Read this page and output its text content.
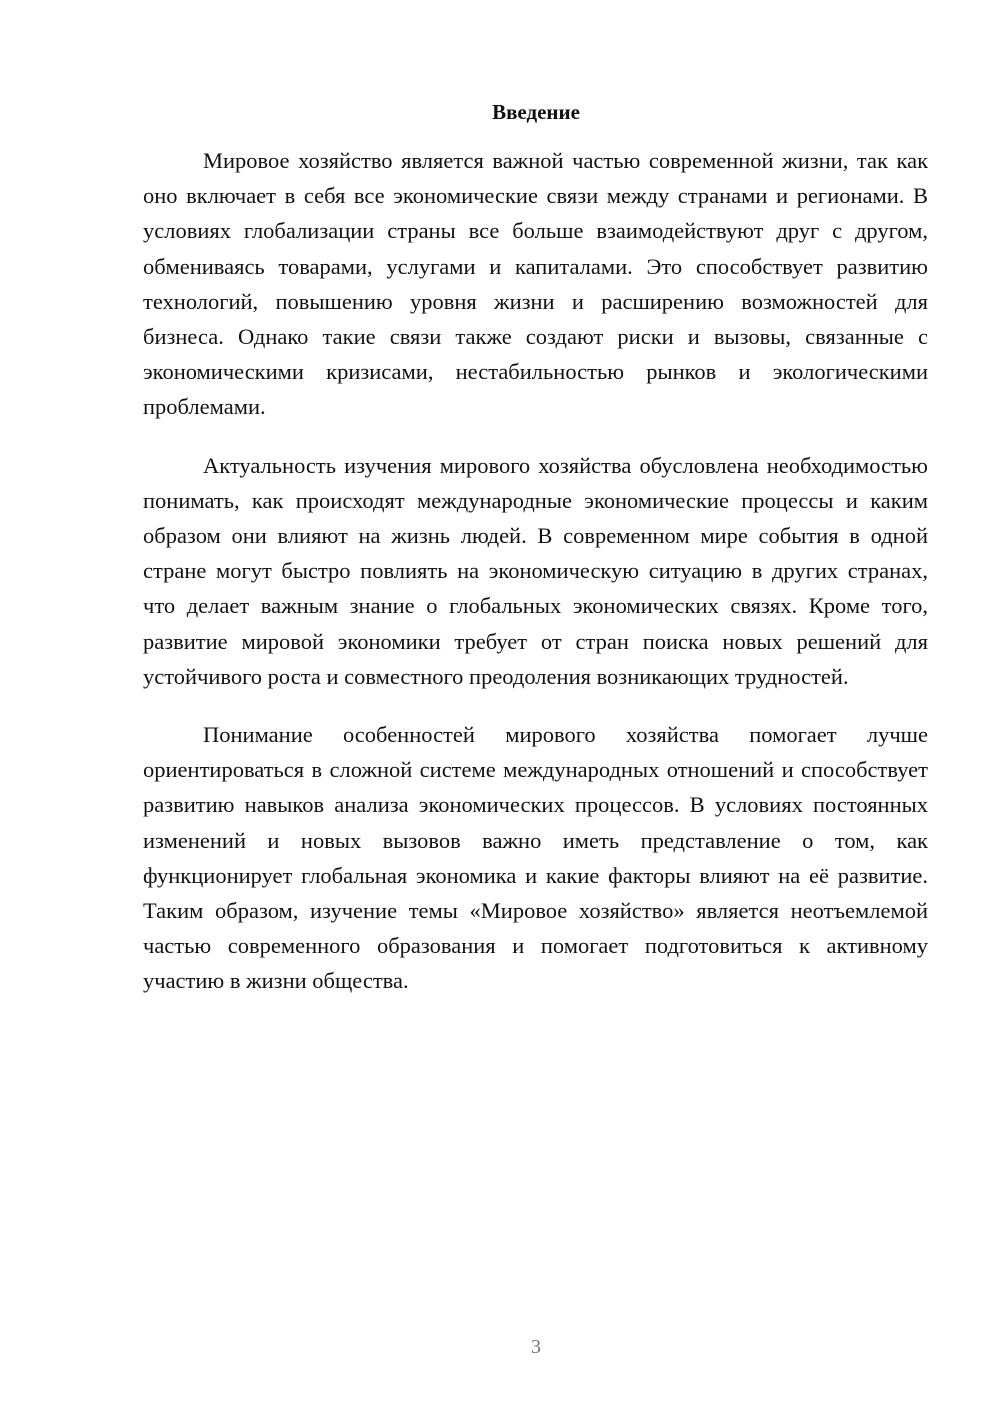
Введение

Мировое хозяйство является важной частью современной жизни, так как оно включает в себя все экономические связи между странами и регионами. В условиях глобализации страны все больше взаимодействуют друг с другом, обмениваясь товарами, услугами и капиталами. Это способствует развитию технологий, повышению уровня жизни и расширению возможностей для бизнеса. Однако такие связи также создают риски и вызовы, связанные с экономическими кризисами, нестабильностью рынков и экологическими проблемами.

Актуальность изучения мирового хозяйства обусловлена необходимостью понимать, как происходят международные экономические процессы и каким образом они влияют на жизнь людей. В современном мире события в одной стране могут быстро повлиять на экономическую ситуацию в других странах, что делает важным знание о глобальных экономических связях. Кроме того, развитие мировой экономики требует от стран поиска новых решений для устойчивого роста и совместного преодоления возникающих трудностей.

Понимание особенностей мирового хозяйства помогает лучше ориентироваться в сложной системе международных отношений и способствует развитию навыков анализа экономических процессов. В условиях постоянных изменений и новых вызовов важно иметь представление о том, как функционирует глобальная экономика и какие факторы влияют на её развитие. Таким образом, изучение темы «Мировое хозяйство» является неотъемлемой частью современного образования и помогает подготовиться к активному участию в жизни общества.

3
